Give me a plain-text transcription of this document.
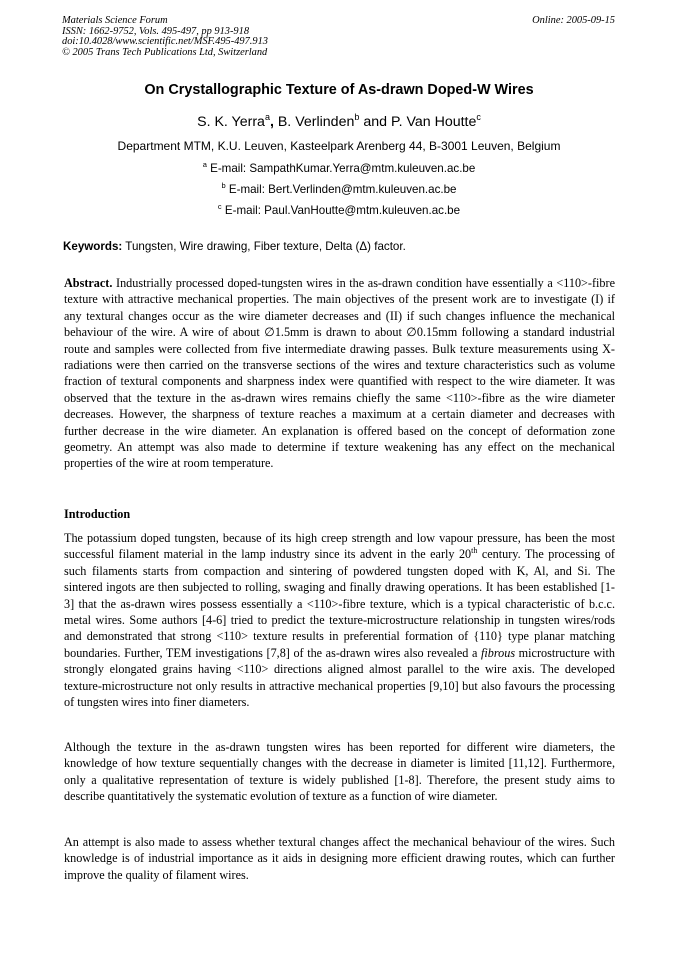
Materials Science Forum
ISSN: 1662-9752, Vols. 495-497, pp 913-918
doi:10.4028/www.scientific.net/MSF.495-497.913
© 2005 Trans Tech Publications Ltd, Switzerland
Online: 2005-09-15
On Crystallographic Texture of As-drawn Doped-W Wires
S. K. Yerra$^a$, B. Verlinden$^b$ and P. Van Houtte$^c$
Department MTM, K.U. Leuven, Kasteelpark Arenberg 44, B-3001 Leuven, Belgium
$^a$ E-mail: SampathKumar.Yerra@mtm.kuleuven.ac.be
$^b$ E-mail: Bert.Verlinden@mtm.kuleuven.ac.be
$^c$ E-mail: Paul.VanHoutte@mtm.kuleuven.ac.be
Keywords: Tungsten, Wire drawing, Fiber texture, Delta (Δ) factor.
Abstract. Industrially processed doped-tungsten wires in the as-drawn condition have essentially a <110>-fibre texture with attractive mechanical properties. The main objectives of the present work are to investigate (I) if any textural changes occur as the wire diameter decreases and (II) if such changes influence the mechanical behaviour of the wire. A wire of about ∅1.5mm is drawn to about ∅0.15mm following a standard industrial route and samples were collected from five intermediate drawing passes. Bulk texture measurements using X-radiations were then carried on the transverse sections of the wires and texture characteristics such as volume fraction of textural components and sharpness index were quantified with respect to the wire diameter. It was observed that the texture in the as-drawn wires remains chiefly the same <110>-fibre as the wire diameter decreases. However, the sharpness of texture reaches a maximum at a certain diameter and decreases with further decrease in the wire diameter. An explanation is offered based on the concept of deformation zone geometry. An attempt was also made to determine if texture weakening has any effect on the mechanical properties of the wire at room temperature.
Introduction
The potassium doped tungsten, because of its high creep strength and low vapour pressure, has been the most successful filament material in the lamp industry since its advent in the early 20th century. The processing of such filaments starts from compaction and sintering of powdered tungsten doped with K, Al, and Si. The sintered ingots are then subjected to rolling, swaging and finally drawing operations. It has been established [1-3] that the as-drawn wires possess essentially a <110>-fibre texture, which is a typical characteristic of b.c.c. metal wires. Some authors [4-6] tried to predict the texture-microstructure relationship in tungsten wires/rods and demonstrated that strong <110> texture results in preferential formation of {110} type planar matching boundaries. Further, TEM investigations [7,8] of the as-drawn wires also revealed a fibrous microstructure with strongly elongated grains having <110> directions aligned almost parallel to the wire axis. The developed texture-microstructure not only results in attractive mechanical properties [9,10] but also favours the processing of tungsten wires into finer diameters.
Although the texture in the as-drawn tungsten wires has been reported for different wire diameters, the knowledge of how texture sequentially changes with the decrease in diameter is limited [11,12]. Furthermore, only a qualitative representation of texture is widely published [1-8]. Therefore, the present study aims to describe quantitatively the systematic evolution of texture as a function of wire diameter.
An attempt is also made to assess whether textural changes affect the mechanical behaviour of the wires. Such knowledge is of industrial importance as it aids in designing more efficient drawing routes, which can further improve the quality of filament wires.
